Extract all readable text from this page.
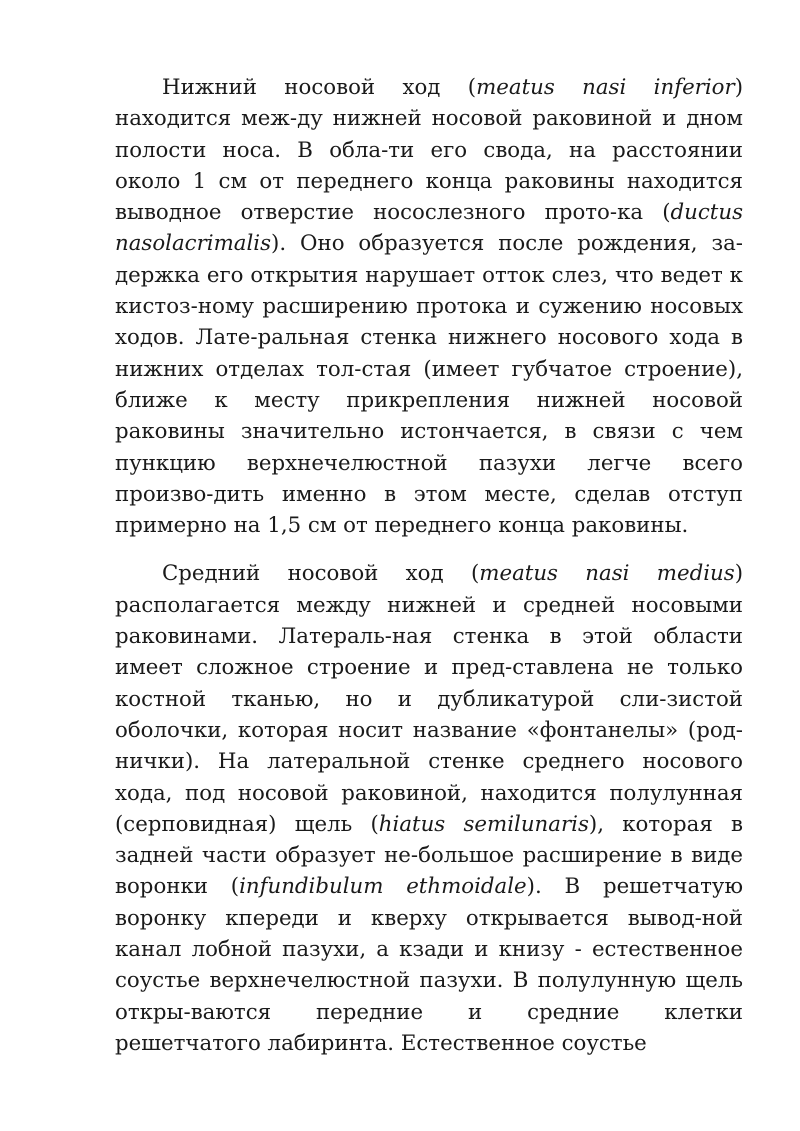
Нижний носовой ход (meatus nasi inferior) находится меж-ду нижней носовой раковиной и дном полости носа. В обла-ти его свода, на расстоянии около 1 см от переднего конца раковины находится выводное отверстие носослезного прото-ка (ductus nasolacrimalis). Оно образуется после рождения, за-держка его открытия нарушает отток слез, что ведет к кистоз-ному расширению протока и сужению носовых ходов. Лате-ральная стенка нижнего носового хода в нижних отделах тол-стая (имеет губчатое строение), ближе к месту прикрепления нижней носовой раковины значительно истончается, в связи с чем пункцию верхнечелюстной пазухи легче всего произво-дить именно в этом месте, сделав отступ примерно на 1,5 см от переднего конца раковины.

Средний носовой ход (meatus nasi medius) располагается между нижней и средней носовыми раковинами. Латераль-ная стенка в этой области имеет сложное строение и пред-ставлена не только костной тканью, но и дубликатурой сли-зистой оболочки, которая носит название «фонтанелы» (род-нички). На латеральной стенке среднего носового хода, под носовой раковиной, находится полулунная (серповидная) щель (hiatus semilunaris), которая в задней части образует не-большое расширение в виде воронки (infundibulum ethmoidale). В решетчатую воронку кпереди и кверху открывается вывод-ной канал лобной пазухи, а кзади и книзу - естественное соустье верхнечелюстной пазухи. В полулунную щель откры-ваются передние и средние клетки решетчатого лабиринта. Естественное соустье
